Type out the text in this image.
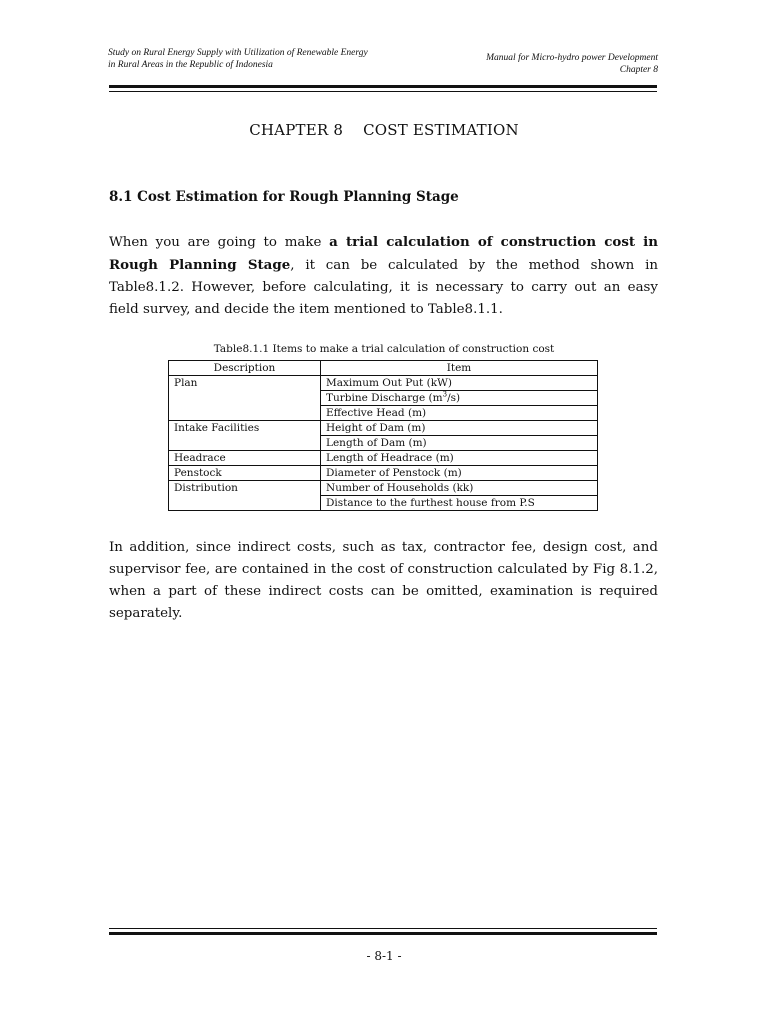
Study on Rural Energy Supply with Utilization of Renewable Energy
in Rural Areas in the Republic of Indonesia
Manual for Micro-hydro power Development
Chapter 8
CHAPTER 8 COST ESTIMATION
8.1 Cost Estimation for Rough Planning Stage
When you are going to make a trial calculation of construction cost in Rough Planning Stage, it can be calculated by the method shown in Table8.1.2. However, before calculating, it is necessary to carry out an easy field survey, and decide the item mentioned to Table8.1.1.
Table8.1.1 Items to make a trial calculation of construction cost
Description	Item
Plan	Maximum Out Put (kW)
	Turbine Discharge $(m^3/s)$
	Effective Head (m)
Intake Facilities	Height of Dam (m)
	Length of Dam (m)
Headrace	Length of Headrace (m)
Penstock	Diameter of Penstock (m)
Distribution	Number of Households (kk)
	Distance to the furthest house from P.S
In addition, since indirect costs, such as tax, contractor fee, design cost, and supervisor fee, are contained in the cost of construction calculated by Fig 8.1.2, when a part of these indirect costs can be omitted, examination is required separately.
- 8-1 -
